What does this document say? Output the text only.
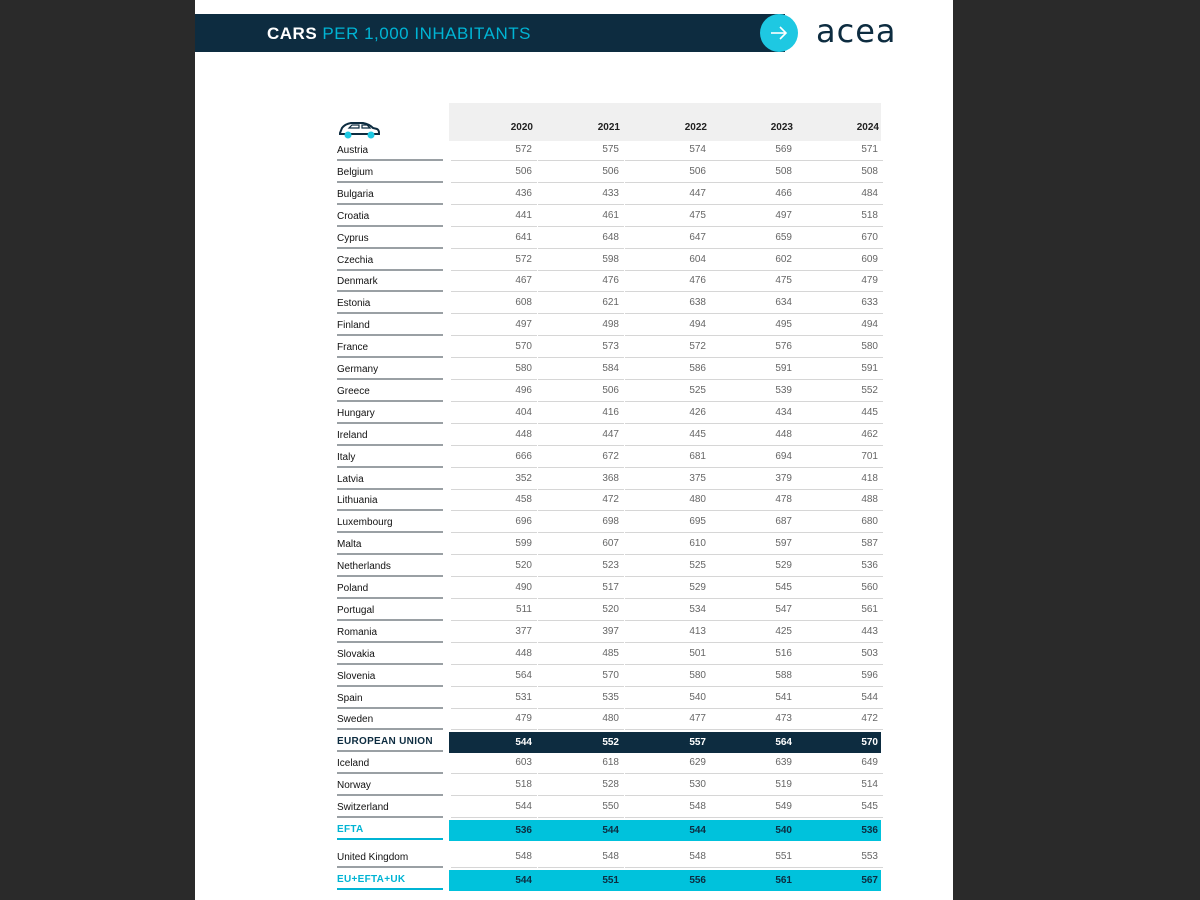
CARS PER 1,000 INHABITANTS	acea
2020	2021	2022	2023	2024
Austria	572	575	574	569	571
Belgium	506	506	506	508	508
Bulgaria	436	433	447	466	484
Croatia	441	461	475	497	518
Cyprus	641	648	647	659	670
Czechia	572	598	604	602	609
Denmark	467	476	476	475	479
Estonia	608	621	638	634	633
Finland	497	498	494	495	494
France	570	573	572	576	580
Germany	580	584	586	591	591
Greece	496	506	525	539	552
Hungary	404	416	426	434	445
Ireland	448	447	445	448	462
Italy	666	672	681	694	701
Latvia	352	368	375	379	418
Lithuania	458	472	480	478	488
Luxembourg	696	698	695	687	680
Malta	599	607	610	597	587
Netherlands	520	523	525	529	536
Poland	490	517	529	545	560
Portugal	511	520	534	547	561
Romania	377	397	413	425	443
Slovakia	448	485	501	516	503
Slovenia	564	570	580	588	596
Spain	531	535	540	541	544
Sweden	479	480	477	473	472
EUROPEAN UNION	544	552	557	564	570
Iceland	603	618	629	639	649
Norway	518	528	530	519	514
Switzerland	544	550	548	549	545
EFTA	536	544	544	540	536
United Kingdom	548	548	548	551	553
EU+EFTA+UK	544	551	556	561	567
